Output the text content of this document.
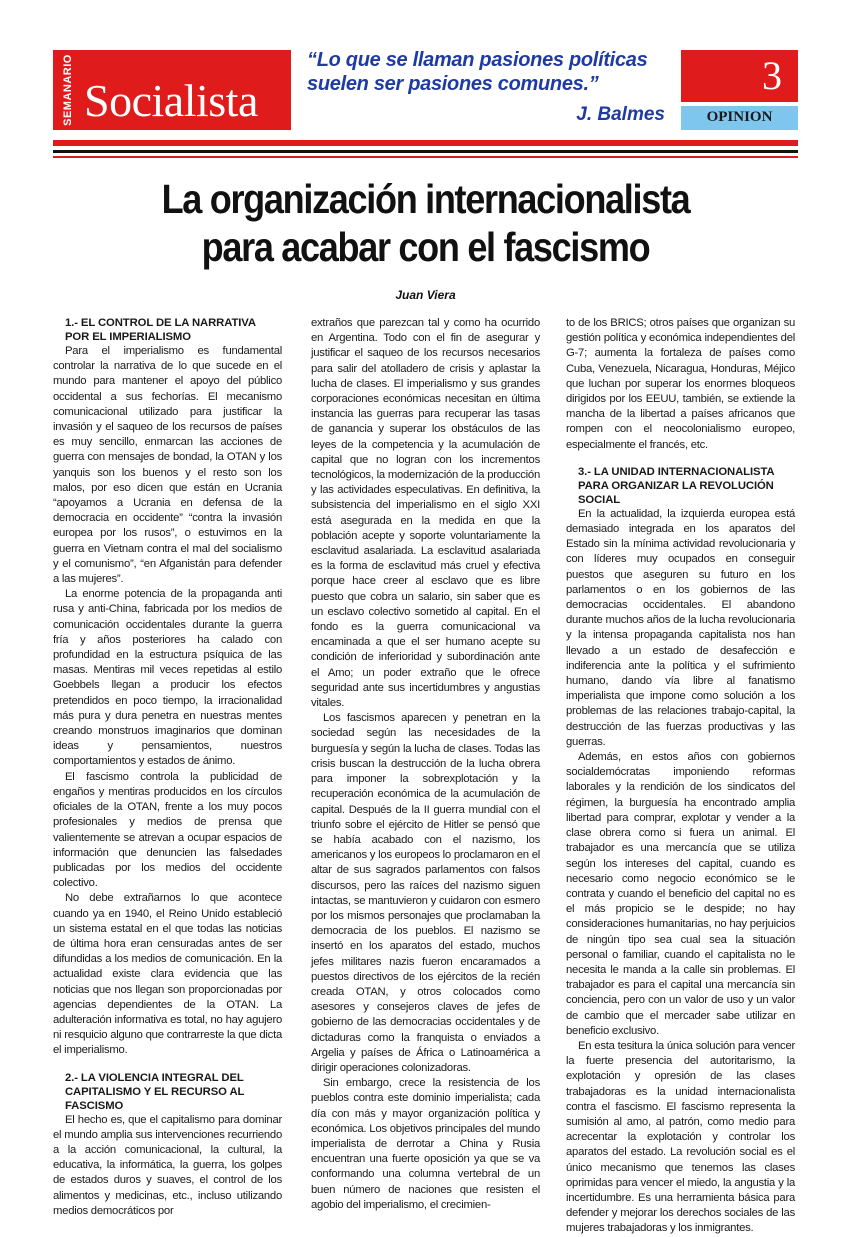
SEMANARIO Socialista
“Lo que se llaman pasiones políticas suelen ser pasiones comunes.”
J. Balmes
3
OPINION
La organización internacionalista
para acabar con el fascismo
Juan Viera
1.- EL CONTROL DE LA NARRATIVA POR EL IMPERIALISMO

Para el imperialismo es fundamental controlar la narrativa de lo que sucede en el mundo para mantener el apoyo del público occidental a sus fechorías. El mecanismo comunicacional utilizado para justificar la invasión y el saqueo de los recursos de países es muy sencillo, enmarcan las acciones de guerra con mensajes de bondad, la OTAN y los yanquis son los buenos y el resto son los malos, por eso dicen que están en Ucrania “apoyamos a Ucrania en defensa de la democracia en occidente” “contra la invasión europea por los rusos”, o estuvimos en la guerra en Vietnam contra el mal del socialismo y el comunismo”, “en Afganistán para defender a las mujeres”.

La enorme potencia de la propaganda anti rusa y anti-China, fabricada por los medios de comunicación occidentales durante la guerra fría y años posteriores ha calado con profundidad en la estructura psíquica de las masas. Mentiras mil veces repetidas al estilo Goebbels llegan a producir los efectos pretendidos en poco tiempo, la irracionalidad más pura y dura penetra en nuestras mentes creando monstruos imaginarios que dominan ideas y pensamientos, nuestros comportamientos y estados de ánimo.

El fascismo controla la publicidad de engaños y mentiras producidos en los círculos oficiales de la OTAN, frente a los muy pocos profesionales y medios de prensa que valientemente se atrevan a ocupar espacios de información que denuncien las falsedades publicadas por los medios del occidente colectivo.

No debe extrañarnos lo que acontece cuando ya en 1940, el Reino Unido estableció un sistema estatal en el que todas las noticias de última hora eran censuradas antes de ser difundidas a los medios de comunicación. En la actualidad existe clara evidencia que las noticias que nos llegan son proporcionadas por agencias dependientes de la OTAN. La adulteración informativa es total, no hay agujero ni resquicio alguno que contrarreste la que dicta el imperialismo.

2.- LA VIOLENCIA INTEGRAL DEL CAPITALISMO Y EL RECURSO AL FASCISMO

El hecho es, que el capitalismo para dominar el mundo amplia sus intervenciones recurriendo a la acción comunicacional, la cultural, la educativa, la informática, la guerra, los golpes de estados duros y suaves, el control de los alimentos y medicinas, etc., incluso utilizando medios democráticos por

extraños que parezcan tal y como ha ocurrido en Argentina. Todo con el fin de asegurar y justificar el saqueo de los recursos necesarios para salir del atolladero de crisis y aplastar la lucha de clases. El imperialismo y sus grandes corporaciones económicas necesitan en última instancia las guerras para recuperar las tasas de ganancia y superar los obstáculos de las leyes de la competencia y la acumulación de capital que no logran con los incrementos tecnológicos, la modernización de la producción y las actividades especulativas. En definitiva, la subsistencia del imperialismo en el siglo XXI está asegurada en la medida en que la población acepte y soporte voluntariamente la esclavitud asalariada. La esclavitud asalariada es la forma de esclavitud más cruel y efectiva porque hace creer al esclavo que es libre puesto que cobra un salario, sin saber que es un esclavo colectivo sometido al capital. En el fondo es la guerra comunicacional va encaminada a que el ser humano acepte su condición de inferioridad y subordinación ante el Amo; un poder extraño que le ofrece seguridad ante sus incertidumbres y angustias vitales.

Los fascismos aparecen y penetran en la sociedad según las necesidades de la burguesía y según la lucha de clases. Todas las crisis buscan la destrucción de la lucha obrera para imponer la sobrexplotación y la recuperación económica de la acumulación de capital. Después de la II guerra mundial con el triunfo sobre el ejército de Hitler se pensó que se había acabado con el nazismo, los americanos y los europeos lo proclamaron en el altar de sus sagrados parlamentos con falsos discursos, pero las raíces del nazismo siguen intactas, se mantuvieron y cuidaron con esmero por los mismos personajes que proclamaban la democracia de los pueblos. El nazismo se insertó en los aparatos del estado, muchos jefes militares nazis fueron encaramados a puestos directivos de los ejércitos de la recién creada OTAN, y otros colocados como asesores y consejeros claves de jefes de gobierno de las democracias occidentales y de dictaduras como la franquista o enviados a Argelia y países de África o Latinoamérica a dirigir operaciones colonizadoras.

Sin embargo, crece la resistencia de los pueblos contra este dominio imperialista; cada día con más y mayor organización política y económica. Los objetivos principales del mundo imperialista de derrotar a China y Rusia encuentran una fuerte oposición ya que se va conformando una columna vertebral de un buen número de naciones que resisten el agobio del imperialismo, el crecimien-

to de los BRICS; otros países que organizan su gestión política y económica independientes del G-7; aumenta la fortaleza de países como Cuba, Venezuela, Nicaragua, Honduras, Méjico que luchan por superar los enormes bloqueos dirigidos por los EEUU, también, se extiende la mancha de la libertad a países africanos que rompen con el neocolonialismo europeo, especialmente el francés, etc.

3.- LA UNIDAD INTERNACIONALISTA PARA ORGANIZAR LA REVOLUCIÓN SOCIAL

En la actualidad, la izquierda europea está demasiado integrada en los aparatos del Estado sin la mínima actividad revolucionaria y con líderes muy ocupados en conseguir puestos que aseguren su futuro en los parlamentos o en los gobiernos de las democracias occidentales. El abandono durante muchos años de la lucha revolucionaria y la intensa propaganda capitalista nos han llevado a un estado de desafección e indiferencia ante la política y el sufrimiento humano, dando vía libre al fanatismo imperialista que impone como solución a los problemas de las relaciones trabajo-capital, la destrucción de las fuerzas productivas y las guerras.

Además, en estos años con gobiernos socialdemócratas imponiendo reformas laborales y la rendición de los sindicatos del régimen, la burguesía ha encontrado amplia libertad para comprar, explotar y vender a la clase obrera como si fuera un animal. El trabajador es una mercancía que se utiliza según los intereses del capital, cuando es necesario como negocio económico se le contrata y cuando el beneficio del capital no es el más propicio se le despide; no hay consideraciones humanitarias, no hay perjuicios de ningún tipo sea cual sea la situación personal o familiar, cuando el capitalista no le necesita le manda a la calle sin problemas. El trabajador es para el capital una mercancía sin conciencia, pero con un valor de uso y un valor de cambio que el mercader sabe utilizar en beneficio exclusivo.

En esta tesitura la única solución para vencer la fuerte presencia del autoritarismo, la explotación y opresión de las clases trabajadoras es la unidad internacionalista contra el fascismo. El fascismo representa la sumisión al amo, al patrón, como medio para acrecentar la explotación y controlar los aparatos del estado. La revolución social es el único mecanismo que tenemos las clases oprimidas para vencer el miedo, la angustia y la incertidumbre. Es una herramienta básica para defender y mejorar los derechos sociales de las mujeres trabajadoras y los inmigrantes.
